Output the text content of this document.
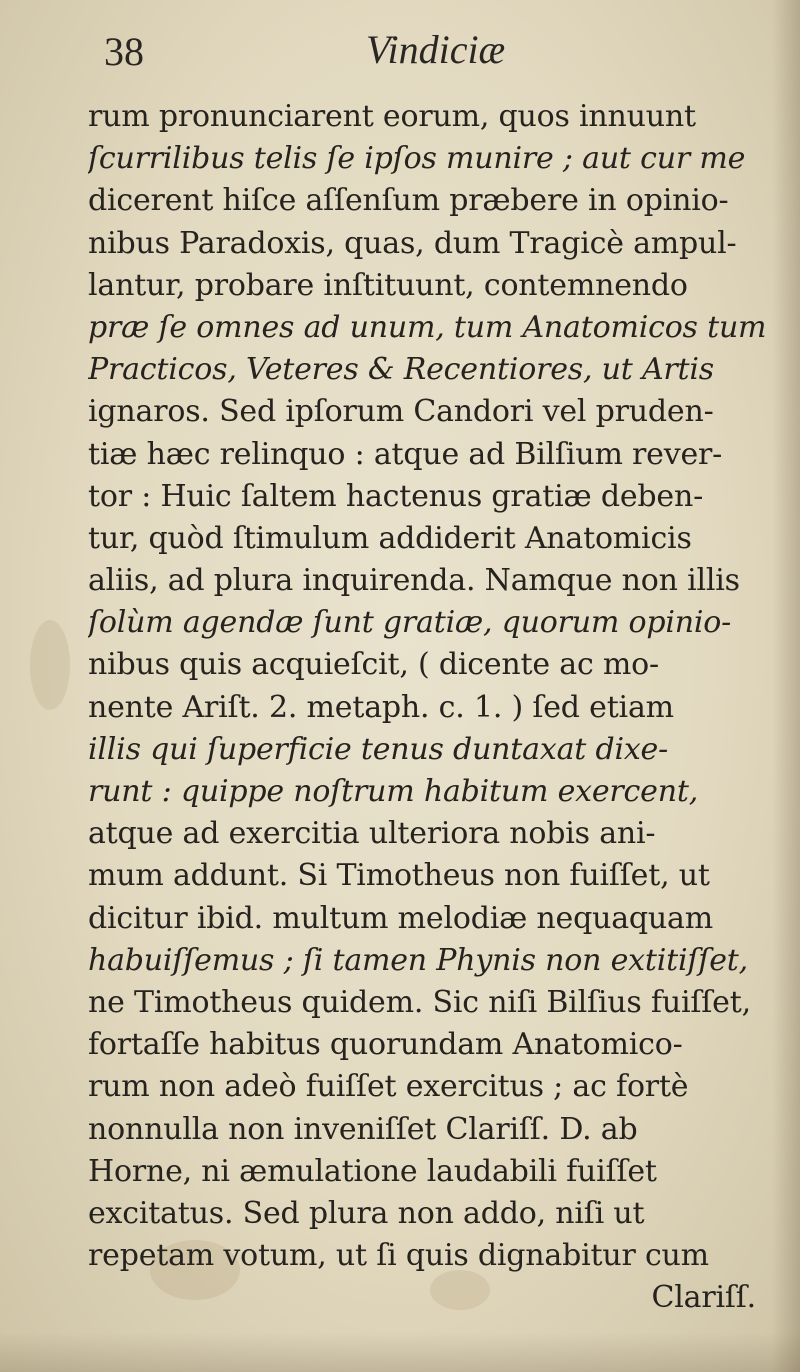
38	Vindiciæ
rum pronunciarent eorum, quos innuunt
ſcurrilibus telis ſe ipſos munire ; aut cur me
dicerent hiſce aſſenſum præbere in opinio-
nibus Paradoxis, quas, dum Tragicè ampul-
lantur, probare inſtituunt, contemnendo
præ ſe omnes ad unum, tum Anatomicos tum
Practicos, Veteres & Recentiores, ut Artis
ignaros. Sed ipſorum Candori vel pruden-
tiæ hæc relinquo : atque ad Bilſium rever-
tor : Huic ſaltem hactenus gratiæ deben-
tur, quòd ſtimulum addiderit Anatomicis
aliis, ad plura inquirenda. Namque non illis
ſolùm agendæ ſunt gratiæ, quorum opinio-
nibus quis acquieſcit, ( dicente ac mo-
nente Ariſt. 2. metaph. c. 1. ) ſed etiam
illis qui ſuperficie tenus duntaxat dixe-
runt : quippe noſtrum habitum exercent,
atque ad exercitia ulteriora nobis ani-
mum addunt. Si Timotheus non fuiſſet, ut
dicitur ibid. multum melodiæ nequaquam
habuiſſemus ; ſi tamen Phynis non extitiſſet,
ne Timotheus quidem. Sic niſi Bilſius fuiſſet,
fortaſſe habitus quorundam Anatomico-
rum non adeò fuiſſet exercitus ; ac fortè
nonnulla non inveniſſet Clariſſ. D. ab
Horne, ni æmulatione laudabili fuiſſet
excitatus. Sed plura non addo, niſi ut
repetam votum, ut ſi quis dignabitur cum
Clariſſ.
